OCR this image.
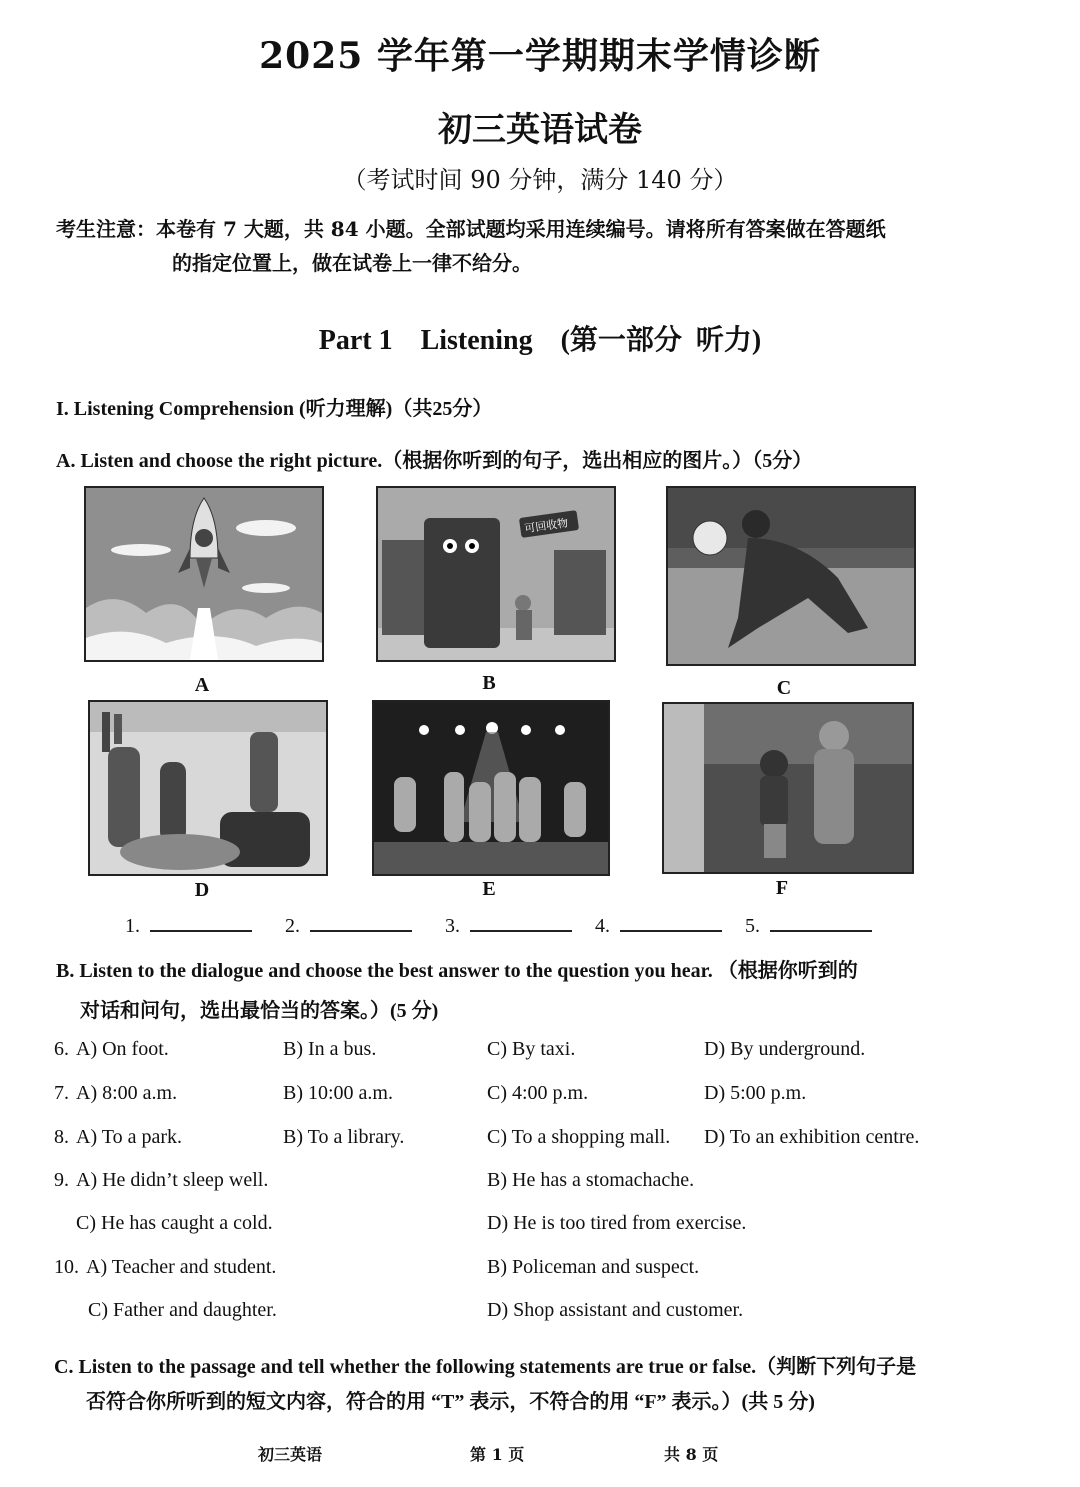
2025 学年第一学期期末学情诊断
初三英语试卷
（考试时间 90 分钟，满分 140 分）
考生注意：本卷有 7 大题，共 84 小题。全部试题均采用连续编号。请将所有答案做在答题纸
的指定位置上，做在试卷上一律不给分。
Part 1    Listening    (第一部分  听力)
I. Listening Comprehension (听力理解)（共25分）
A. Listen and choose the right picture.（根据你听到的句子，选出相应的图片。）（5分）
A
可回收物
B	C
D	E	F
1.	2.	3.	4.	5.
B. Listen to the dialogue and choose the best answer to the question you hear. （根据你听到的
对话和问句，选出最恰当的答案。）(5 分)
6. A) On foot.	B) In a bus.	C) By taxi.	D) By underground.
7. A) 8:00 a.m.	B) 10:00 a.m.	C) 4:00 p.m.	D) 5:00 p.m.
8. A) To a park.	B) To a library.	C) To a shopping mall. D) To an exhibition centre.
9. A) He didn’t sleep well.	B) He has a stomachache.
C) He has caught a cold.	D) He is too tired from exercise.
10. A) Teacher and student.	B) Policeman and suspect.
C) Father and daughter.	D) Shop assistant and customer.
C. Listen to the passage and tell whether the following statements are true or false.（判断下列句子是
否符合你所听到的短文内容，符合的用 “T” 表示，不符合的用 “F” 表示。）(共 5 分)
初三英语	第 1 页	共 8 页
